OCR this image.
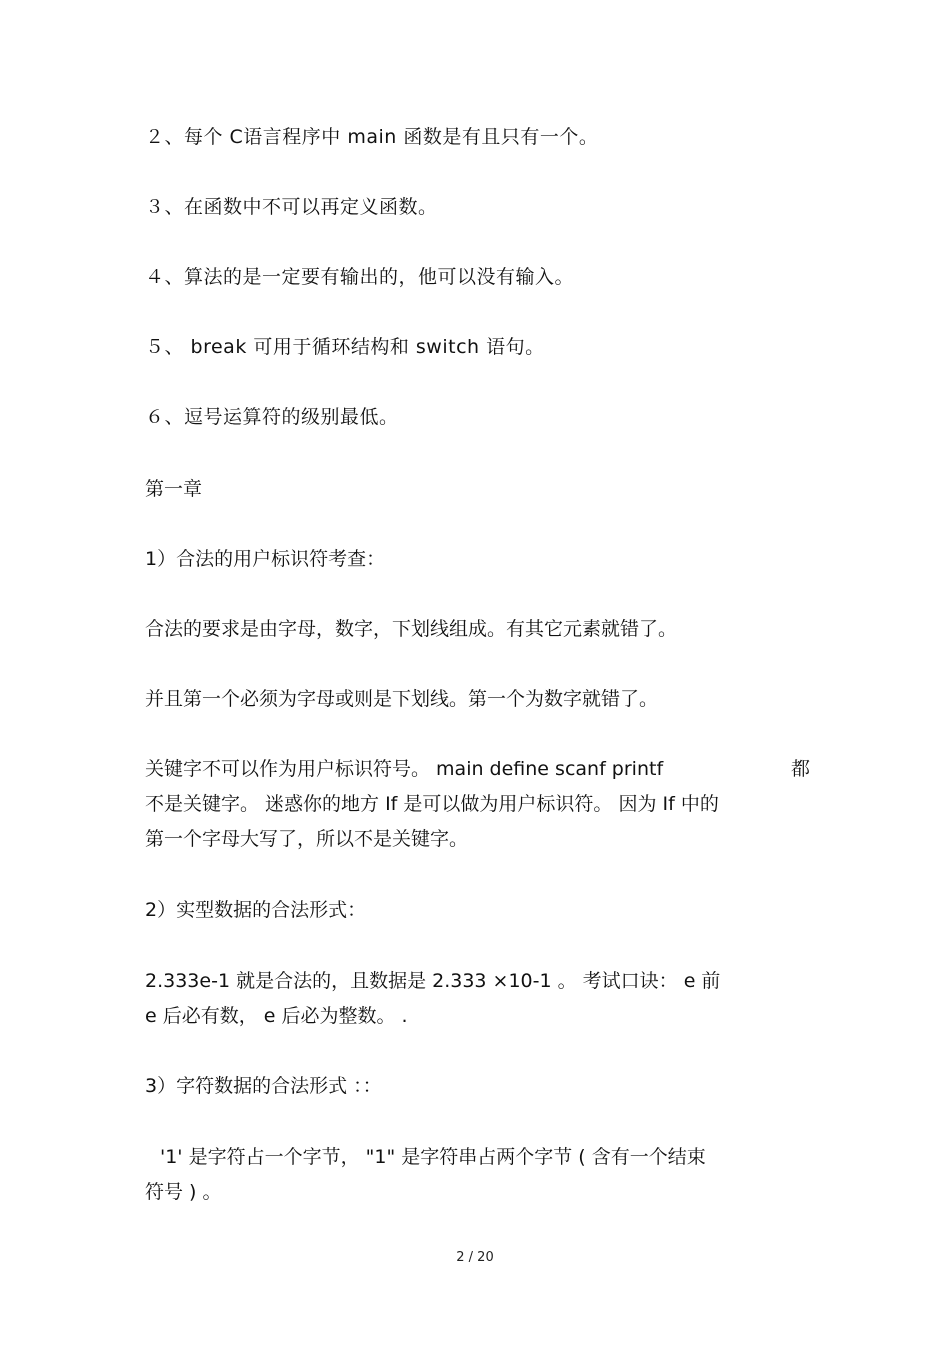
２、每个 C语言程序中 main 函数是有且只有一个。
３、在函数中不可以再定义函数。
４、算法的是一定要有输出的，他可以没有输入。
５、 break 可用于循环结构和 switch 语句。
６、逗号运算符的级别最低。
第一章
1）合法的用户标识符考查：
合法的要求是由字母，数字，下划线组成。有其它元素就错了。
并且第一个必须为字母或则是下划线。第一个为数字就错了。
关键字不可以作为用户标识符号。 main define scanf printf	都
不是关键字。 迷惑你的地方 If 是可以做为用户标识符。 因为 If 中的
第一个字母大写了，所以不是关键字。
2）实型数据的合法形式：
2.333e-1 就是合法的，且数据是 2.333 ×10-1 。 考试口诀： e 前
e 后必有数， e 后必为整数。 .
3）字符数据的合法形式 ：：
'1' 是字符占一个字节， "1" 是字符串占两个字节 ( 含有一个结束
符号 ) 。
2 / 20
